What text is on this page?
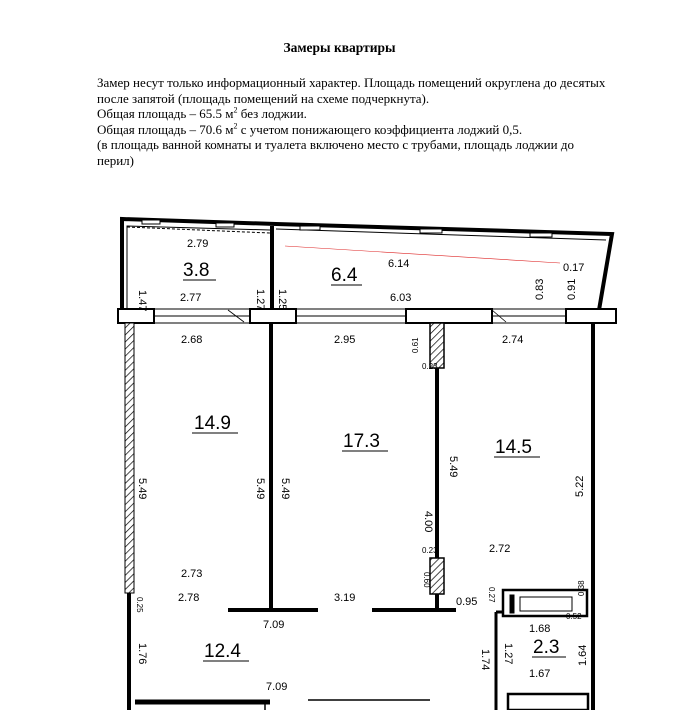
Замеры квартиры
Замер несут только информационный характер. Площадь помещений округлена до десятых
после запятой (площадь помещений на схеме подчеркнута).
Общая площадь – 65.5 $м^2$ без лоджии.
Общая площадь – 70.6 $м^2$ с учетом понижающего коэффициента лоджий 0,5.
(в площадь ванной комнаты и туалета включено место с трубами, площадь лоджии до
перил)
3.8	6.4
14.9
17.3	14.5
12.4	2.3
2.79
6.14	0.17
2.77	6.03
2.68	2.95	2.74
0.23
0.23	2.72
2.73
2.78	3.19	0.95
7.09	1.68
1.67
7.09
1.47	1.27 1.25	0.83 0.91
0.61
5.49	5.49 5.49
5.49
4.00
5.22
0.60
0.25
0.27	0.38
0.52
1.76	1.27
1.74	1.64
